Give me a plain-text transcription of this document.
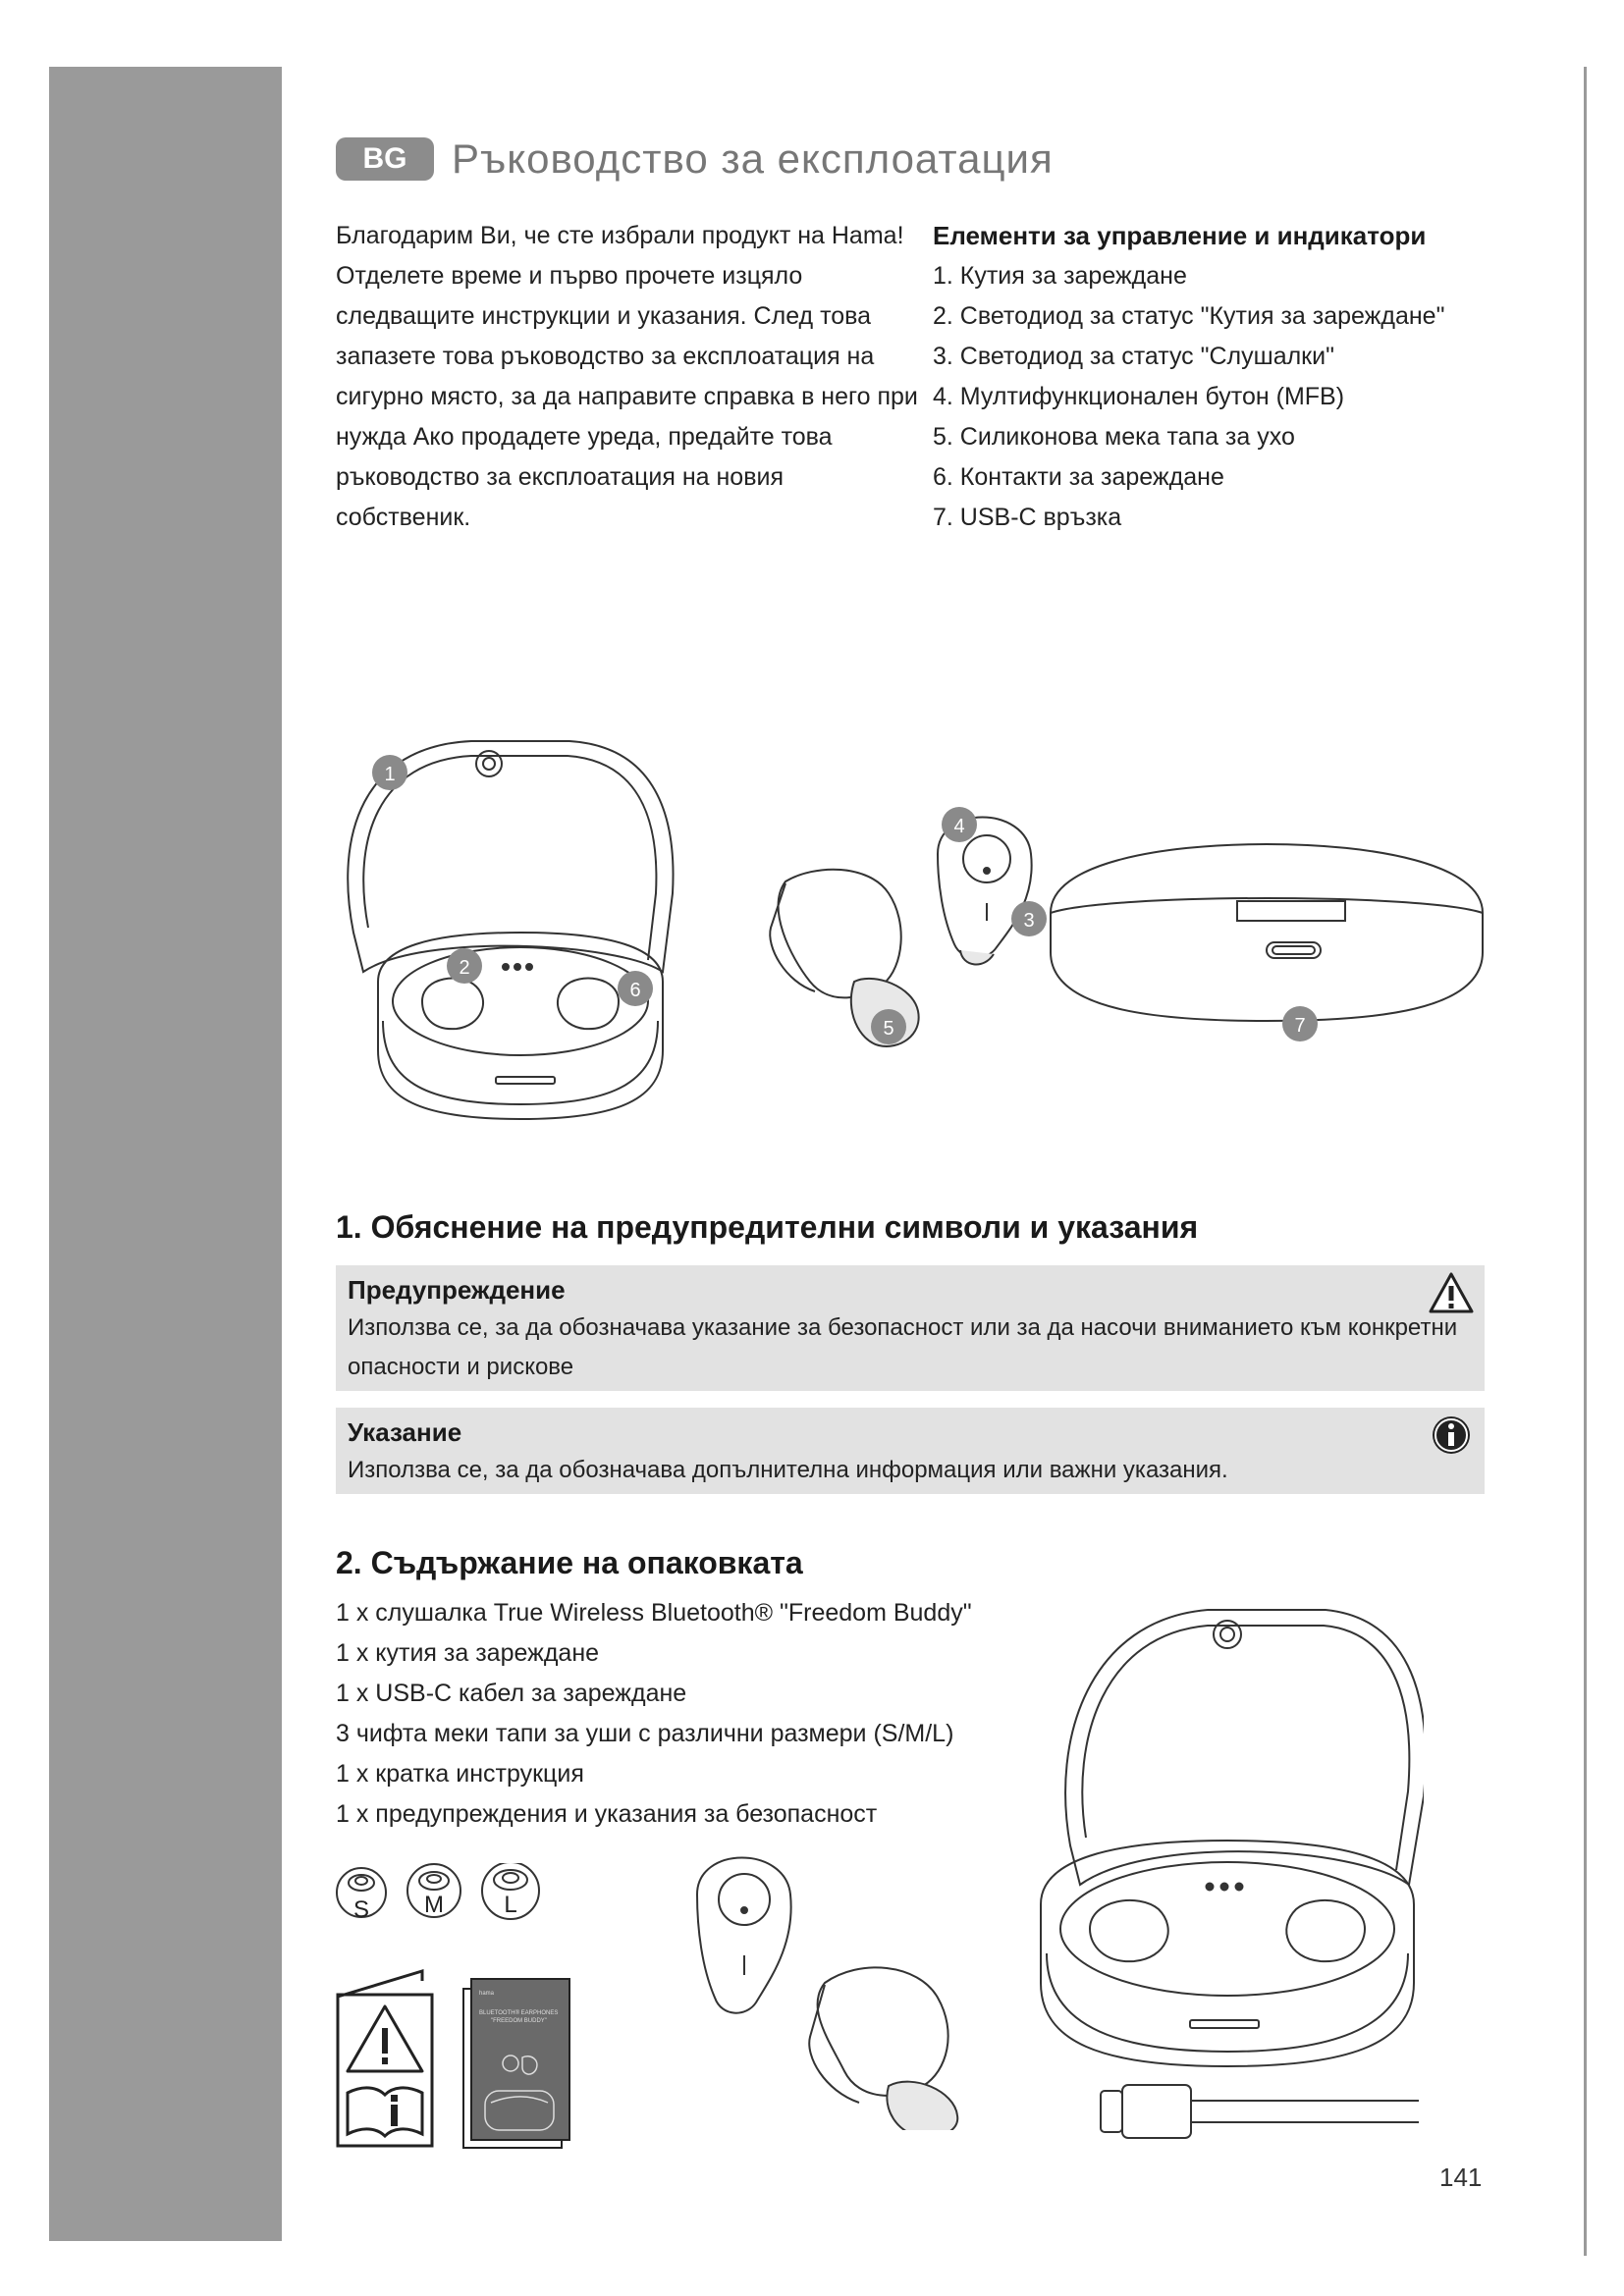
BG	Ръководство за експлоатация

Благодарим Ви, че сте избрали продукт на Hama! Отделете време и първо прочете изцяло следващите инструкции и указания. След това запазете това ръководство за експлоатация на сигурно място, за да направите справка в него при нужда Ако продадете уреда, предайте това ръководство за експлоатация на новия собственик.

Елементи за управление и индикатори

1. Кутия за зареждане
2. Светодиод за статус "Кутия за зареждане"
3. Светодиод за статус "Слушалки"
4. Мултифункционален бутон (MFB)
5. Силиконова мека тапа за ухо
6. Контакти за зареждане
7. USB-C връзка
1
2
3
4
5
6
7
1. Обяснение на предупредителни символи и указания
Предупреждение
Използва се, за да обозначава указание за безопасност или за да насочи вниманието към конкретни опасности и рискове
Указание
Използва се, за да обозначава допълнителна информация или важни указания.
2. Съдържание на опаковката
1 x слушалка True Wireless Bluetooth® "Freedom Buddy"
1 x кутия за зареждане
1 x USB-C кабел за зареждане
3 чифта меки тапи за уши с различни размери (S/M/L)
1 x кратка инструкция
1 x предупреждения и указания за безопасност
S M	L
hama
BLUETOOTH® EARPHONES
"FREEDOM BUDDY"
141
